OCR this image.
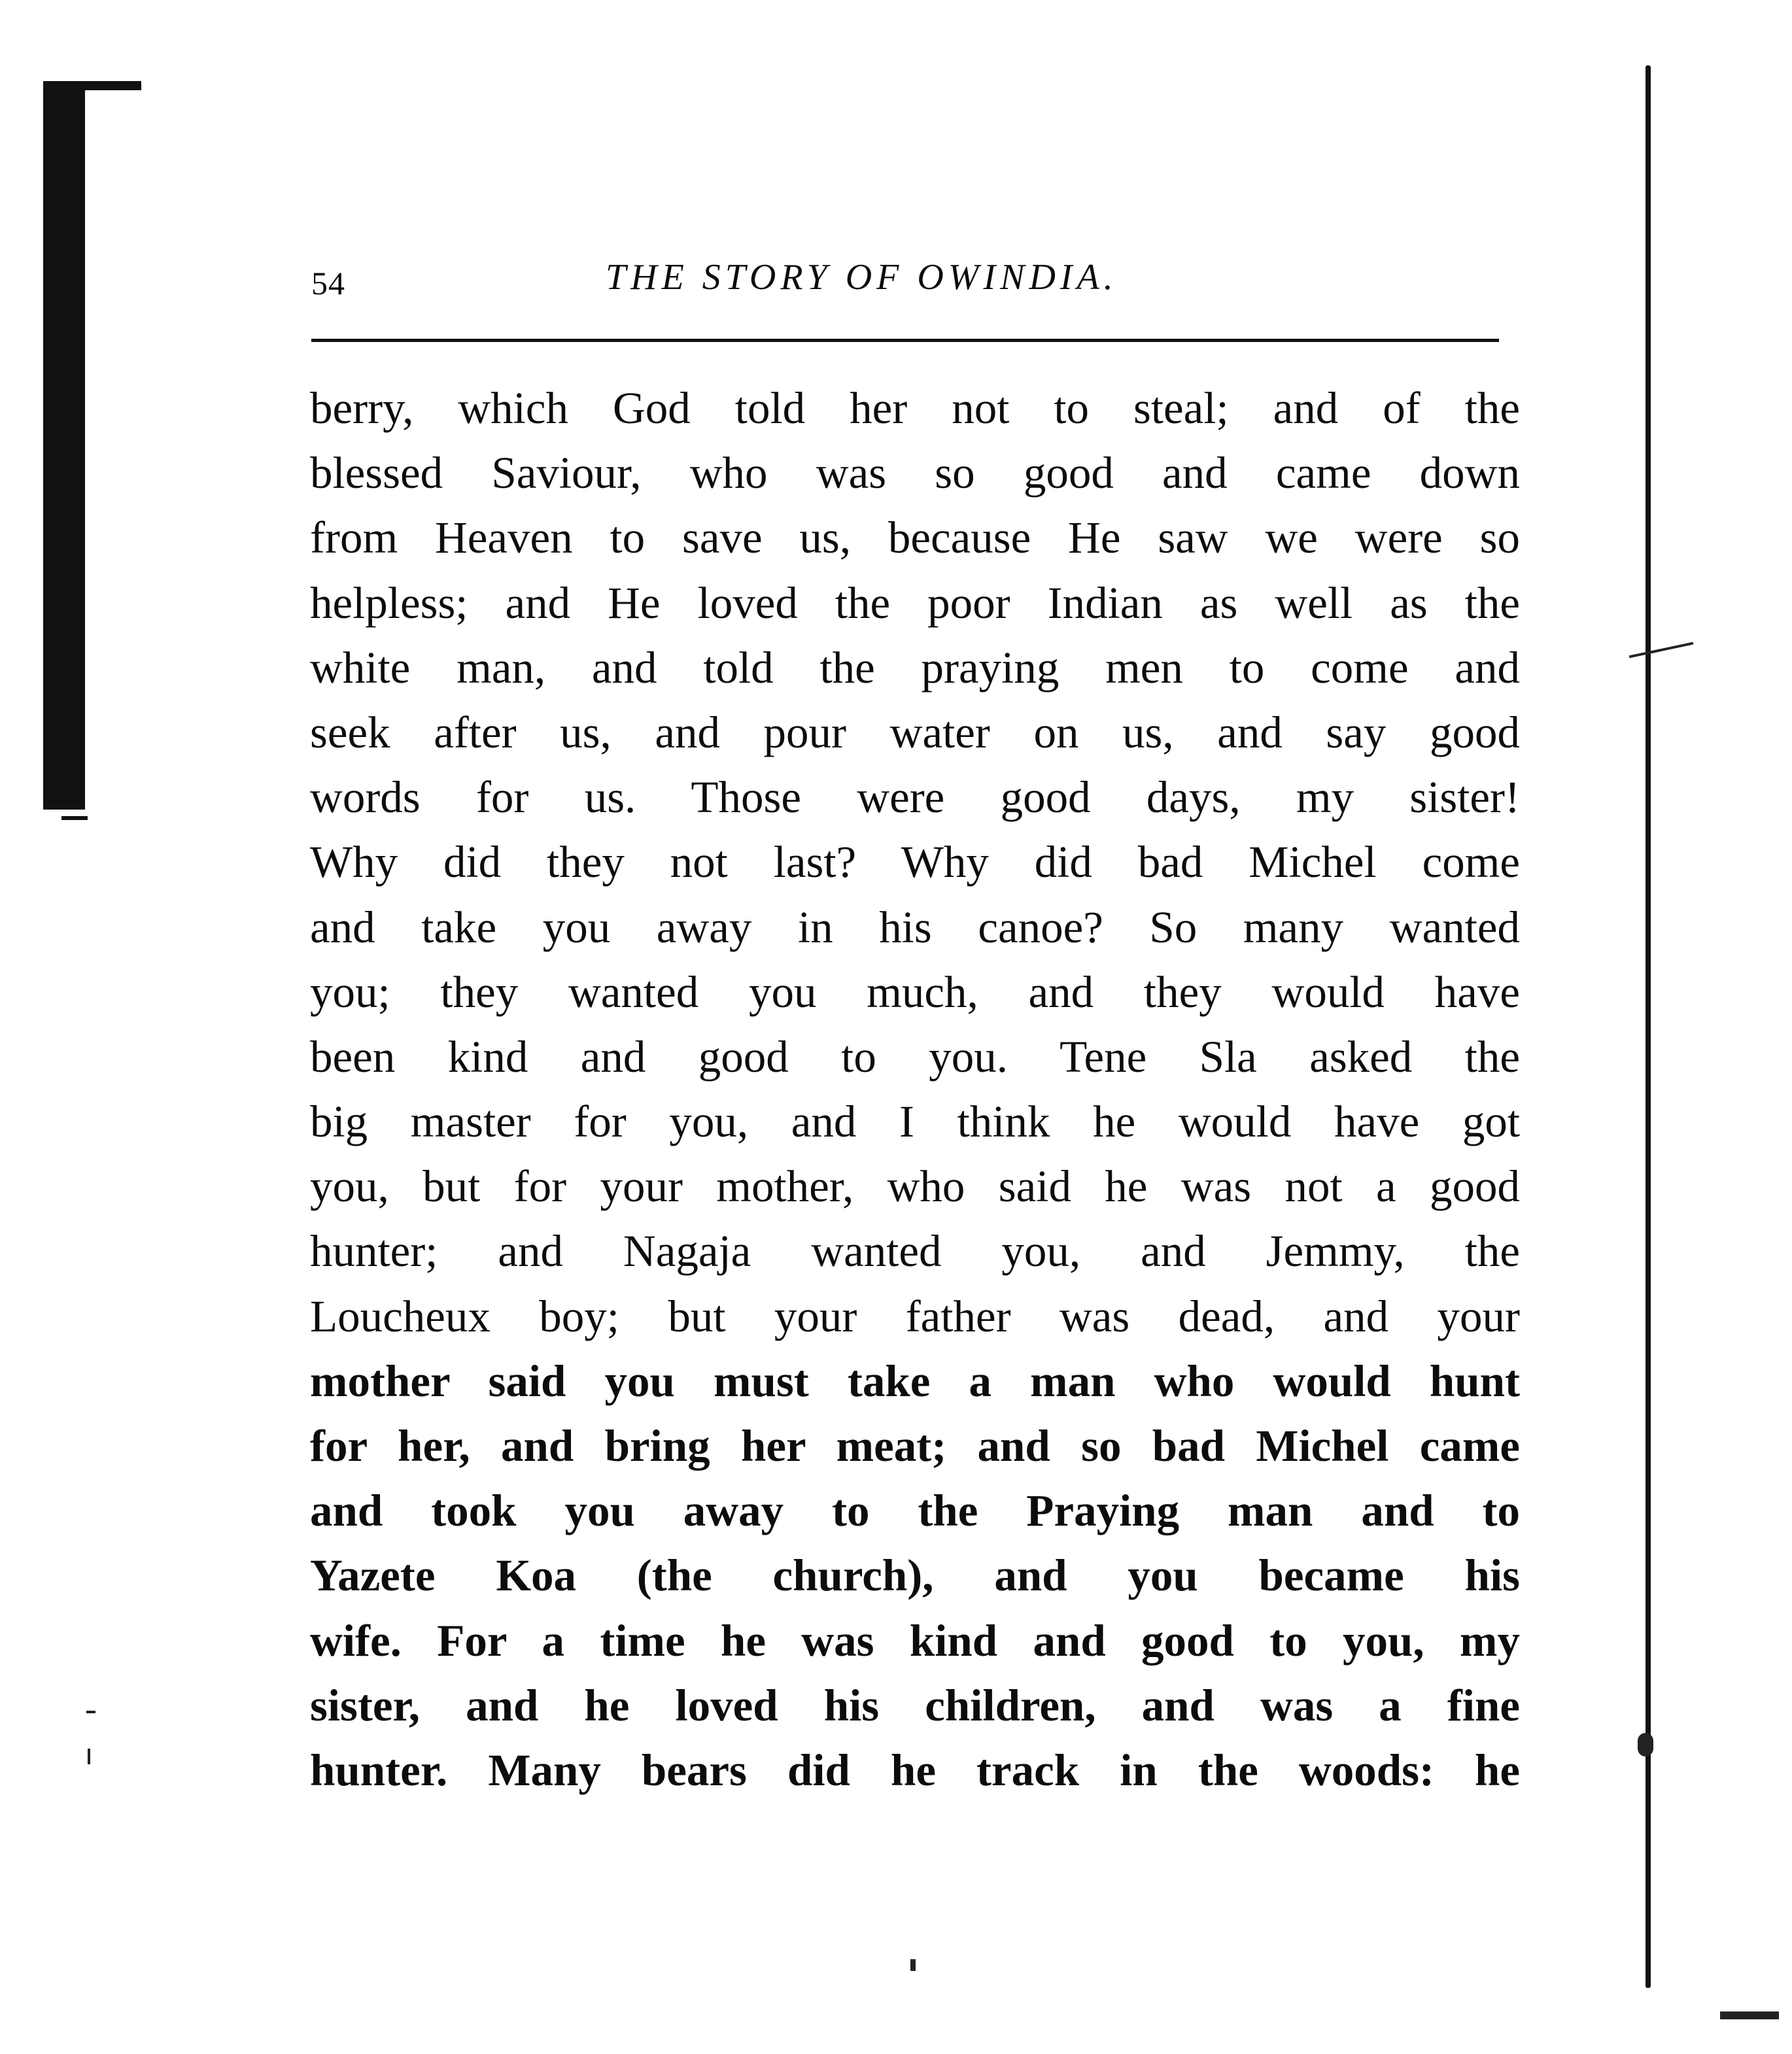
54	THE STORY OF OWINDIA.
berry, which God told her not to steal; and of the
blessed Saviour, who was so good and came down
from Heaven to save us, because He saw we were so
helpless; and He loved the poor Indian as well as the
white man, and told the praying men to come and
seek after us, and pour water on us, and say good
words for us. Those were good days, my sister!
Why did they not last? Why did bad Michel come
and take you away in his canoe? So many wanted
you; they wanted you much, and they would have
been kind and good to you. Tene Sla asked the
big master for you, and I think he would have got
you, but for your mother, who said he was not a good
hunter; and Nagaja wanted you, and Jemmy, the
Loucheux boy; but your father was dead, and your
mother said you must take a man who would hunt
for her, and bring her meat; and so bad Michel came
and took you away to the Praying man and to
Yazete Koa (the church), and you became his
wife. For a time he was kind and good to you, my
sister, and he loved his children, and was a fine
hunter. Many bears did he track in the woods: he
